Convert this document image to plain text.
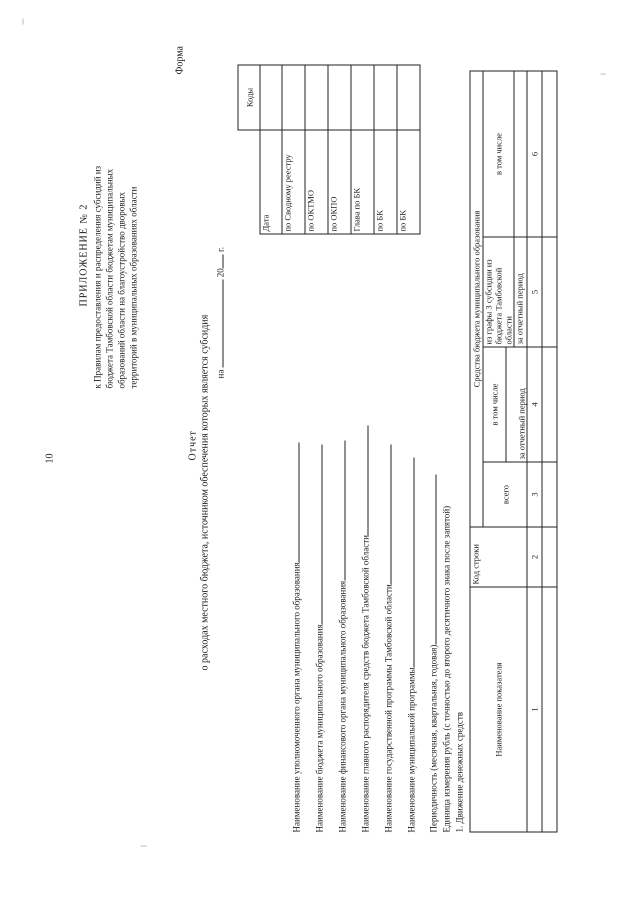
10
ПРИЛОЖЕНИЕ № 2 к Правилам предоставления и распределения субсидий из бюджета Тамбовской области бюджетам муниципальных образований области на благоустройство дворовых территорий в муниципальных образованиях области
Форма
Отчет о расходах местного бюджета, источником обеспечения которых является субсидия на  20 г.
Наименование уполномоченного органа муниципального образования Наименование бюджета муниципального образования Наименование финансового органа муниципального образования Наименование главного распорядителя средств бюджета Тамбовской области Наименование государственной программы Тамбовской области Наименование муниципальной программы Периодичность (месячная, квартальная, годовая) Единица измерения рубль (с точностью до второго десятичного знака после запятой)
	Коды
Дата	
по Сводному реестру	
по ОКТМО	
по ОКПО	
Глава по БК	
по БК	
по БК	
1. Движение денежных средств
Наименование показателя	Код строки	Средства бюджета муниципального образования			
		всего	в том числе	из графы 3 субсидии из бюджета Тамбовской области	в том числе
			за отчетный период		
				за отчетный период	
1	2	3	4	5	6
